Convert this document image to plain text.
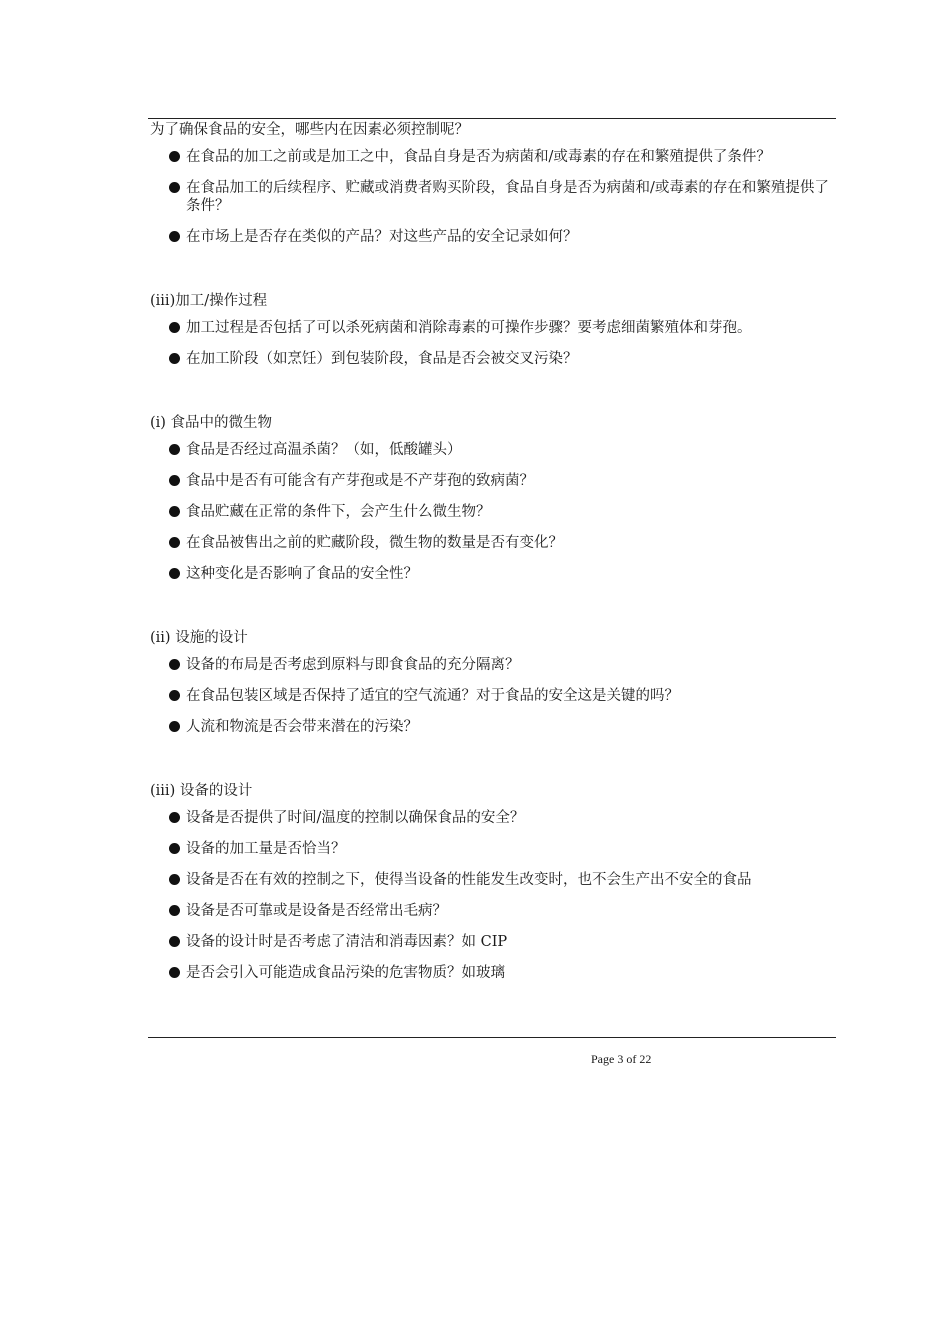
为了确保食品的安全，哪些内在因素必须控制呢？

在食品的加工之前或是加工之中，食品自身是否为病菌和/或毒素的存在和繁殖提供了条件？
在食品加工的后续程序、贮藏或消费者购买阶段，食品自身是否为病菌和/或毒素的存在和繁殖提供了条件？
在市场上是否存在类似的产品？对这些产品的安全记录如何？

(iii)加工/操作过程

加工过程是否包括了可以杀死病菌和消除毒素的可操作步骤？要考虑细菌繁殖体和芽孢。
在加工阶段（如烹饪）到包装阶段，食品是否会被交叉污染？

(i) 食品中的微生物

食品是否经过高温杀菌？（如，低酸罐头）
食品中是否有可能含有产芽孢或是不产芽孢的致病菌？
食品贮藏在正常的条件下，会产生什么微生物？
在食品被售出之前的贮藏阶段，微生物的数量是否有变化？
这种变化是否影响了食品的安全性？

(ii) 设施的设计

设备的布局是否考虑到原料与即食食品的充分隔离？
在食品包装区域是否保持了适宜的空气流通？对于食品的安全这是关键的吗？
人流和物流是否会带来潜在的污染？

(iii) 设备的设计

设备是否提供了时间/温度的控制以确保食品的安全？
设备的加工量是否恰当？
设备是否在有效的控制之下，使得当设备的性能发生改变时，也不会生产出不安全的食品
设备是否可靠或是设备是否经常出毛病？
设备的设计时是否考虑了清洁和消毒因素？如 CIP
是否会引入可能造成食品污染的危害物质？如玻璃
Page 3 of 22
